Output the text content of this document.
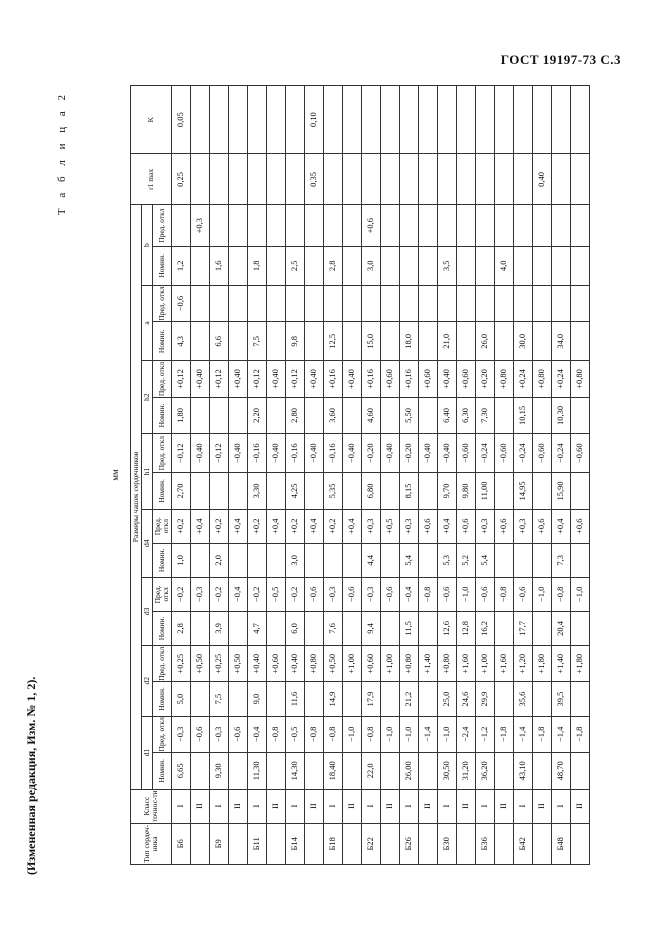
ГОСТ 19197-73 С.3
Т а б л и ц а 2
мм
Тип сердеч-ника	Класс точнос-ти	Размеры чашек сердечников																r1 max	K
		d1		d2		d3		d4		h1		h2		a		b			
		Номин.	Пред. откл	Номин.	Пред. откл	Номин.	Пред. откл	Номин.	Пред. откл	Номин.	Пред. откл	Номин.	Пред. откл	Номин.	Пред. откл	Номин.	Пред. откл		
Б6	I	6,65	−0,3	5,0	+0,25	2,8	−0,2	1,0	+0,2	2,70	−0,12	1,80	+0,12	4,3	−0,6	1,2		0,25	0,05
	II		−0,6		+0,50		−0,3		+0,4		−0,40		+0,40				+0,3		
Б9	I	9,30	−0,3	7,5	+0,25	3,9	−0,2	2,0	+0,2		−0,12		+0,12	6,6		1,6			
	II		−0,6		+0,50		−0,4		+0,4		−0,40		+0,40						
Б11	I	11,30	−0,4	9,0	+0,40	4,7	−0,2		+0,2	3,30	−0,16	2,20	+0,12	7,5		1,8			
	II		−0,8		+0,60		−0,5		+0,4		−0,40		+0,40						
Б14	I	14,30	−0,5	11,6	+0,40	6,0	−0,2	3,0	+0,2	4,25	−0,16	2,80	+0,12	9,8		2,5			
	II		−0,8		+0,80		−0,6		+0,4		−0,40		+0,40					0,35	0,10
Б18	I	18,40	−0,8	14,9	+0,50	7,6	−0,3		+0,2	5,35	−0,16	3,60	+0,16	12,5		2,8			
	II		−1,0		+1,00		−0,6		+0,4		−0,40		+0,40						
Б22	I	22,0	−0,8	17,9	+0,60	9,4	−0,3	4,4	+0,3	6,80	−0,20	4,60	+0,16	15,0		3,0	+0,6		
	II		−1,0		+1,00		−0,6		+0,5		−0,40		+0,60						
Б26	I	26,00	−1,0	21,2	+0,80	11,5	−0,4	5,4	+0,3	8,15	−0,20	5,50	+0,16	18,0					
	II		−1,4		+1,40		−0,8		+0,6		−0,40		+0,60						
Б30	I	30,50	−1,0	25,0	+0,80	12,6	−0,6	5,3	+0,4	9,70	−0,40	6,40	+0,40	21,0		3,5			
	II	31,20	−2,4	24,6	+1,60	12,8	−1,0	5,2	+0,6	9,80	−0,60	6,30	+0,60						
Б36	I	36,20	−1,2	29,9	+1,00	16,2	−0,6	5,4	+0,3	11,00	−0,24	7,30	+0,20	26,0					
	II		−1,8		+1,60		−0,8		+0,6		−0,60		+0,80			4,0			
Б42	I	43,10	−1,4	35,6	+1,20	17,7	−0,6		+0,3	14,95	−0,24	10,15	+0,24	30,0					
	II		−1,8		+1,80		−1,0		+0,6		−0,60		+0,80					0,40	
Б48	I	48,70	−1,4	39,5	+1,40	20,4	−0,8	7,3	+0,4	15,90	−0,24	10,30	+0,24	34,0					
	II		−1,8		+1,80		−1,0		+0,6		−0,60		+0,80						
(Измененная редакция, Изм. № 1, 2).
